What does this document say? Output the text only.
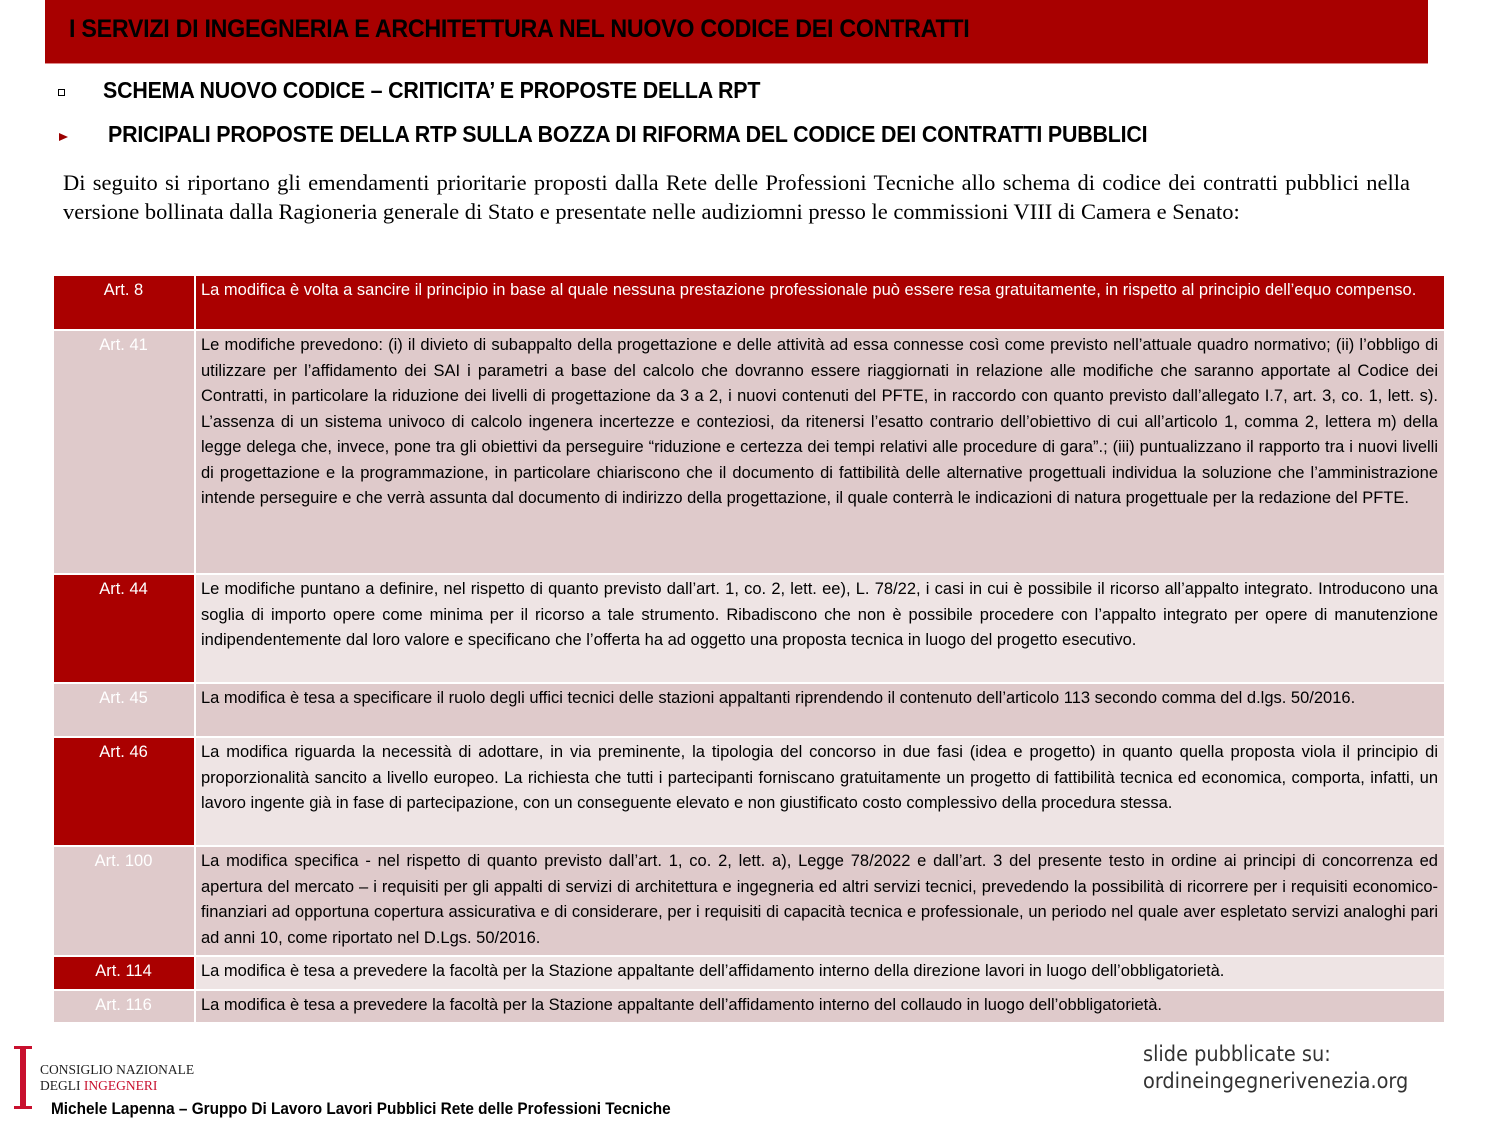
I SERVIZI DI INGEGNERIA E ARCHITETTURA NEL NUOVO CODICE DEI CONTRATTI
SCHEMA NUOVO CODICE – CRITICITA’ E PROPOSTE DELLA RPT
PRICIPALI PROPOSTE DELLA RTP SULLA BOZZA DI RIFORMA DEL CODICE DEI CONTRATTI PUBBLICI
Di seguito si riportano gli emendamenti prioritarie proposti dalla Rete delle Professioni Tecniche allo schema di codice dei contratti pubblici nella versione bollinata dalla Ragioneria generale di Stato e presentate nelle audiziomni presso le commissioni VIII di Camera e Senato:
Art. 8	La modifica è volta a sancire il principio in base al quale nessuna prestazione professionale può essere resa gratuitamente, in rispetto al principio dell’equo compenso.
Art. 41	Le modifiche prevedono: (i) il divieto di subappalto della progettazione e delle attività ad essa connesse così come previsto nell’attuale quadro normativo; (ii) l’obbligo di utilizzare per l’affidamento dei SAI i parametri a base del calcolo che dovranno essere riaggiornati in relazione alle modifiche che saranno apportate al Codice dei Contratti, in particolare la riduzione dei livelli di progettazione da 3 a 2, i nuovi contenuti del PFTE, in raccordo con quanto previsto dall’allegato I.7, art. 3, co. 1, lett. s). L’assenza di un sistema univoco di calcolo ingenera incertezze e conteziosi, da ritenersi l’esatto contrario dell’obiettivo di cui all’articolo 1, comma 2, lettera m) della legge delega che, invece, pone tra gli obiettivi da perseguire “riduzione e certezza dei tempi relativi alle procedure di gara”.; (iii) puntualizzano il rapporto tra i nuovi livelli di progettazione e la programmazione, in particolare chiariscono che il documento di fattibilità delle alternative progettuali individua la soluzione che l’amministrazione intende perseguire e che verrà assunta dal documento di indirizzo della progettazione, il quale conterrà le indicazioni di natura progettuale per la redazione del PFTE.
Art. 44	Le modifiche puntano a definire, nel rispetto di quanto previsto dall’art. 1, co. 2, lett. ee), L. 78/22, i casi in cui è possibile il ricorso all’appalto integrato. Introducono una soglia di importo opere come minima per il ricorso a tale strumento. Ribadiscono che non è possibile procedere con l’appalto integrato per opere di manutenzione indipendentemente dal loro valore e specificano che l’offerta ha ad oggetto una proposta tecnica in luogo del progetto esecutivo.
Art. 45	La modifica è tesa a specificare il ruolo degli uffici tecnici delle stazioni appaltanti riprendendo il contenuto dell’articolo 113 secondo comma del d.lgs. 50/2016.
Art. 46	La modifica riguarda la necessità di adottare, in via preminente, la tipologia del concorso in due fasi (idea e progetto) in quanto quella proposta viola il principio di proporzionalità sancito a livello europeo. La richiesta che tutti i partecipanti forniscano gratuitamente un progetto di fattibilità tecnica ed economica, comporta, infatti, un lavoro ingente già in fase di partecipazione, con un conseguente elevato e non giustificato costo complessivo della procedura stessa.
Art. 100	La modifica specifica - nel rispetto di quanto previsto dall’art. 1, co. 2, lett. a), Legge 78/2022 e dall’art. 3 del presente testo in ordine ai principi di concorrenza ed apertura del mercato – i requisiti per gli appalti di servizi di architettura e ingegneria ed altri servizi tecnici, prevedendo la possibilità di ricorrere per i requisiti economico-finanziari ad opportuna copertura assicurativa e di considerare, per i requisiti di capacità tecnica e professionale, un periodo nel quale aver espletato servizi analoghi pari ad anni 10, come riportato nel D.Lgs. 50/2016.
Art. 114	La modifica è tesa a prevedere la facoltà per la Stazione appaltante dell’affidamento interno della direzione lavori in luogo dell’obbligatorietà.
Art. 116	La modifica è tesa a prevedere la facoltà per la Stazione appaltante dell’affidamento interno del collaudo in luogo dell’obbligatorietà.
CONSIGLIO NAZIONALE
DEGLI INGEGNERI
Michele Lapenna – Gruppo Di Lavoro Lavori Pubblici Rete delle Professioni Tecniche
slide pubblicate su:
ordineingegnerivenezia.org
